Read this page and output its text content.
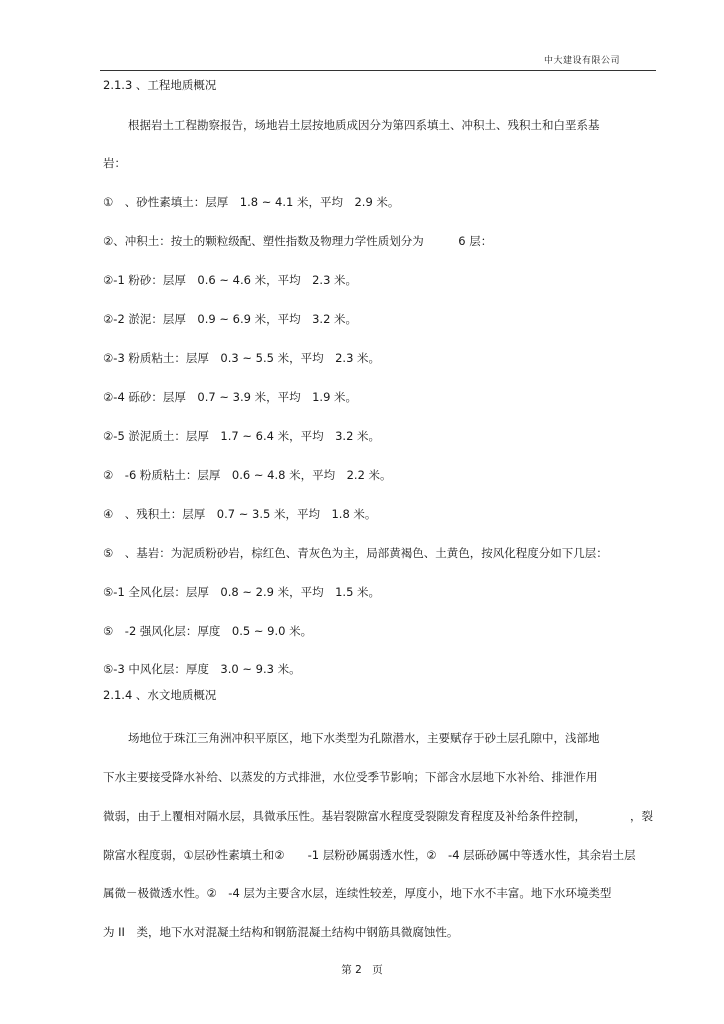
中大建设有限公司
2.1.3 、工程地质概况
根据岩土工程勘察报告，场地岩土层按地质成因分为第四系填土、冲积土、残积土和白垩系基
岩：
①　、砂性素填土：层厚　1.8 ~ 4.1 米，平均　2.9 米。
②、冲积土：按土的颗粒级配、塑性指数及物理力学性质划分为　　　6 层：
②-1 粉砂：层厚　0.6 ~ 4.6 米，平均　2.3 米。
②-2 淤泥：层厚　0.9 ~ 6.9 米，平均　3.2 米。
②-3 粉质粘土：层厚　0.3 ~ 5.5 米，平均　2.3 米。
②-4 砾砂：层厚　0.7 ~ 3.9 米，平均　1.9 米。
②-5 淤泥质土：层厚　1.7 ~ 6.4 米，平均　3.2 米。
②　-6 粉质粘土：层厚　0.6 ~ 4.8 米，平均　2.2 米。
④　、残积土：层厚　0.7 ~ 3.5 米，平均　1.8 米。
⑤　、基岩：为泥质粉砂岩，棕红色、青灰色为主，局部黄褐色、土黄色，按风化程度分如下几层：
⑤-1 全风化层：层厚　0.8 ~ 2.9 米，平均　1.5 米。
⑤　-2 强风化层：厚度　0.5 ~ 9.0 米。
⑤-3 中风化层：厚度　3.0 ~ 9.3 米。
2.1.4 、水文地质概况
场地位于珠江三角洲冲积平原区，地下水类型为孔隙潜水，主要赋存于砂土层孔隙中，浅部地
下水主要接受降水补给、以蒸发的方式排泄，水位受季节影响；下部含水层地下水补给、排泄作用
微弱，由于上覆相对隔水层，具微承压性。基岩裂隙富水程度受裂隙发育程度及补给条件控制，	，裂
隙富水程度弱，①层砂性素填土和②　　-1 层粉砂属弱透水性，②　-4 层砾砂属中等透水性，其余岩土层
属微－极微透水性。②　-4 层为主要含水层，连续性较差，厚度小，地下水不丰富。地下水环境类型
为 II　类，地下水对混凝土结构和钢筋混凝土结构中钢筋具微腐蚀性。
第 2　页
